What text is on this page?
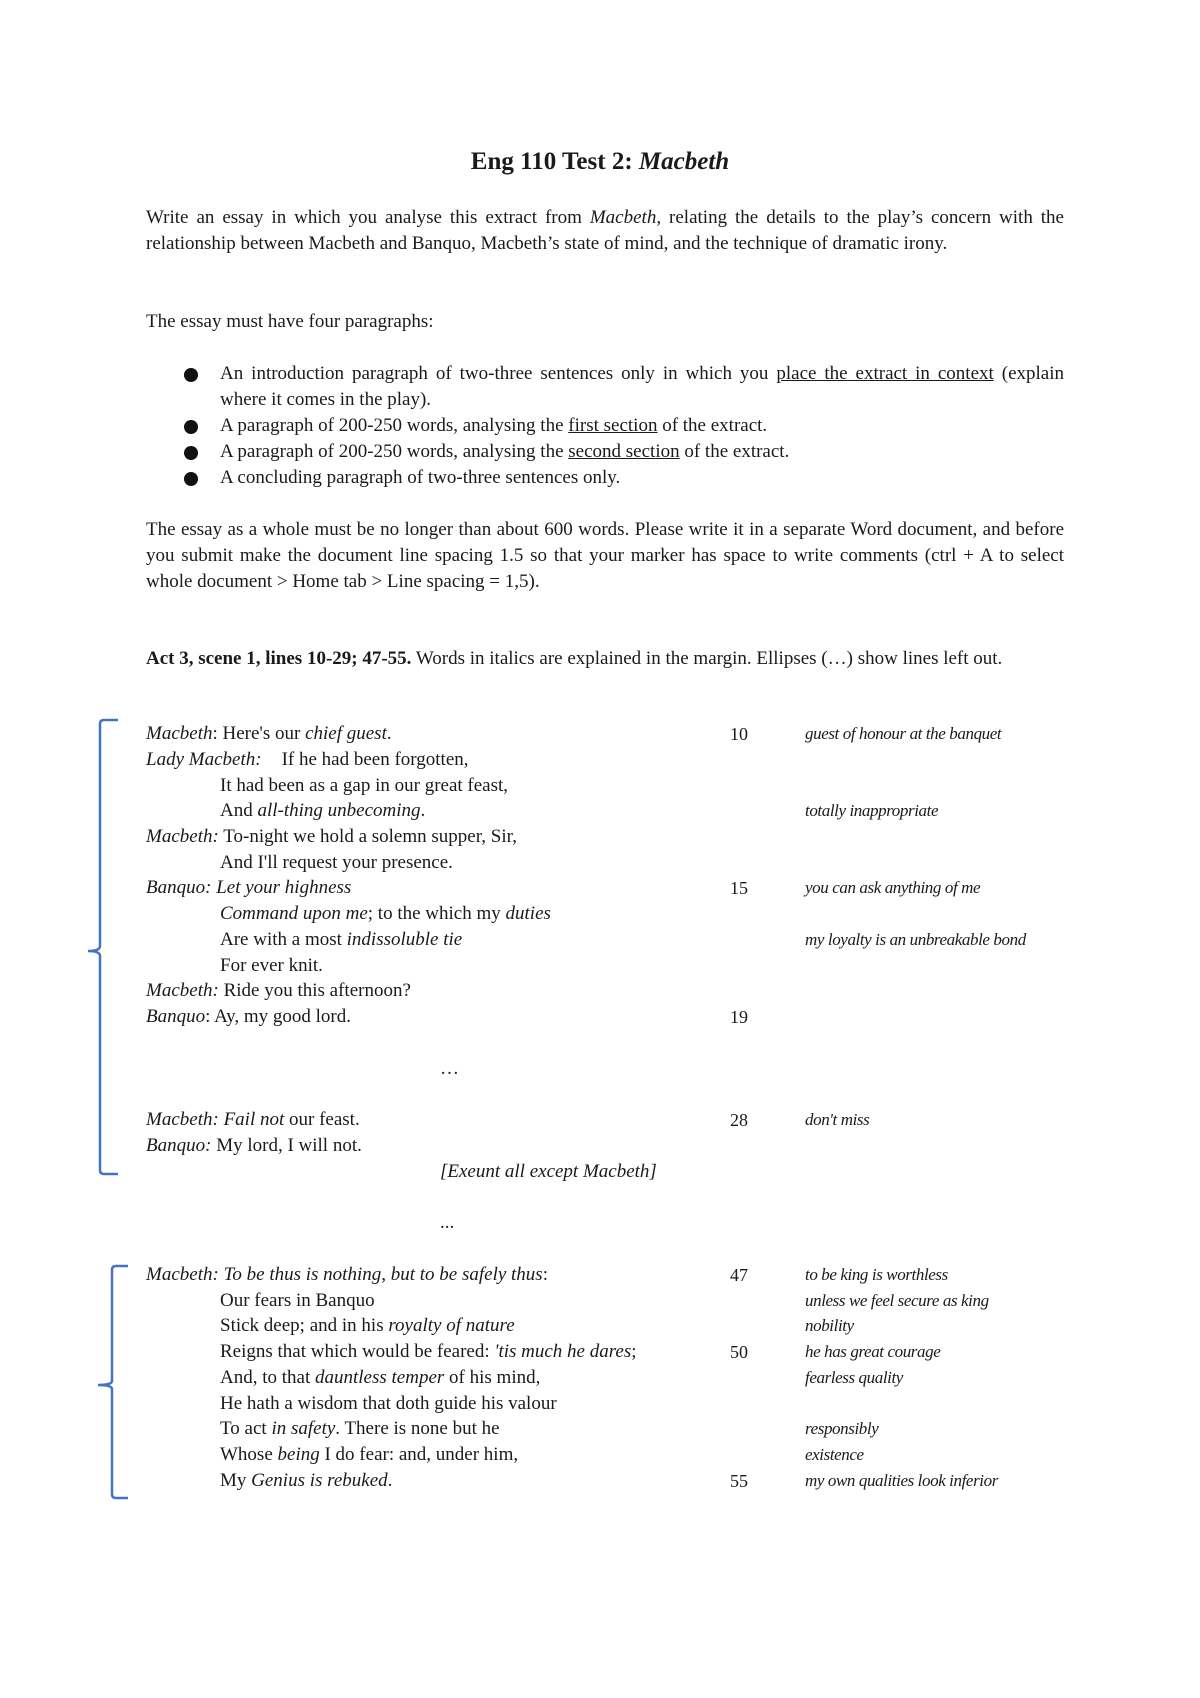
Eng 110 Test 2: Macbeth

Write an essay in which you analyse this extract from Macbeth, relating the details to the play’s concern with the relationship between Macbeth and Banquo, Macbeth’s state of mind, and the technique of dramatic irony.

The essay must have four paragraphs:
An introduction paragraph of two-three sentences only in which you place the extract in context (explain where it comes in the play).
A paragraph of 200-250 words, analysing the first section of the extract.
A paragraph of 200-250 words, analysing the second section of the extract.
A concluding paragraph of two-three sentences only.
The essay as a whole must be no longer than about 600 words. Please write it in a separate Word document, and before you submit make the document line spacing 1.5 so that your marker has space to write comments (ctrl + A to select whole document > Home tab > Line spacing = 1,5).
Act 3, scene 1, lines 10-29; 47-55. Words in italics are explained in the margin. Ellipses (…) show lines left out.
Macbeth: Here's our chief guest.
Lady Macbeth: If he had been forgotten,
It had been as a gap in our great feast,
And all-thing unbecoming.
Macbeth: To-night we hold a solemn supper, Sir,
And I'll request your presence.
Banquo: Let your highness
Command upon me; to the which my duties
Are with a most indissoluble tie
For ever knit.
Macbeth: Ride you this afternoon?
Banquo: Ay, my good lord.
…
Macbeth: Fail not our feast.
Banquo: My lord, I will not.
[Exeunt all except Macbeth]
...
Macbeth: To be thus is nothing, but to be safely thus:
Our fears in Banquo
Stick deep; and in his royalty of nature
Reigns that which would be feared: 'tis much he dares;
And, to that dauntless temper of his mind,
He hath a wisdom that doth guide his valour
To act in safety. There is none but he
Whose being I do fear: and, under him,
My Genius is rebuked.
10
15
19
28
47
50
55
guest of honour at the banquet
totally inappropriate
you can ask anything of me
my loyalty is an unbreakable bond
don't miss
to be king is worthless
unless we feel secure as king
nobility
he has great courage
fearless quality
responsibly
existence
my own qualities look inferior
